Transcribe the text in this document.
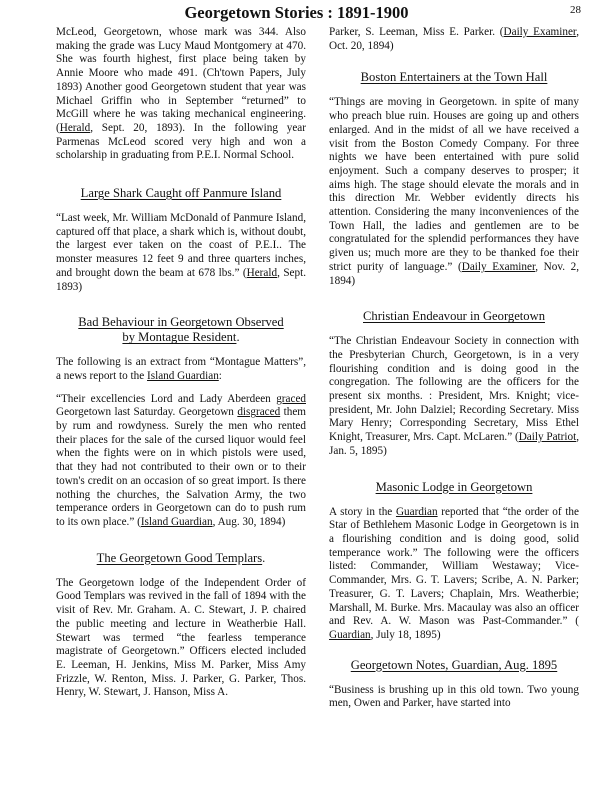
Georgetown Stories : 1891-1900	28

McLeod, Georgetown, whose mark was 344. Also making the grade was Lucy Maud Montgomery at 470. She was fourth highest, first place being taken by Annie Moore who made 491. (Ch'town Papers, July 1893) Another good Georgetown student that year was Michael Griffin who in September “returned” to McGill where he was taking mechanical engineering. (Herald, Sept. 20, 1893). In the following year Parmenas McLeod scored very high and won a scholarship in graduating from P.E.I. Normal School.

Large Shark Caught off Panmure Island

“Last week, Mr. William McDonald of Panmure Island, captured off that place, a shark which is, without doubt, the largest ever taken on the coast of P.E.I.. The monster measures 12 feet 9 and three quarters inches, and brought down the beam at 678 lbs.” (Herald, Sept. 1893)

Bad Behaviour in Georgetown Observed
by Montague Resident.

The following is an extract from “Montague Matters”, a news report to the Island Guardian:

“Their excellencies Lord and Lady Aberdeen graced Georgetown last Saturday. Georgetown disgraced them by rum and rowdyness. Surely the men who rented their places for the sale of the cursed liquor would feel when the fights were on in which pistols were used, that they had not contributed to their own or to their town's credit on an occasion of so great import. Is there nothing the churches, the Salvation Army, the two temperance orders in Georgetown can do to push rum to its own place.” (Island Guardian, Aug. 30, 1894)

The Georgetown Good Templars.

The Georgetown lodge of the Independent Order of Good Templars was revived in the fall of 1894 with the visit of Rev. Mr. Graham. A. C. Stewart, J. P. chaired the public meeting and lecture in Weatherbie Hall. Stewart was termed “the fearless temperance magistrate of Georgetown.” Officers elected included E. Leeman, H. Jenkins, Miss M. Parker, Miss Amy Frizzle, W. Renton, Miss. J. Parker, G. Parker, Thos. Henry, W. Stewart, J. Hanson, Miss A.

Parker, S. Leeman, Miss E. Parker. (Daily Examiner, Oct. 20, 1894)

Boston Entertainers at the Town Hall

“Things are moving in Georgetown. in spite of many who preach blue ruin. Houses are going up and others enlarged. And in the midst of all we have received a visit from the Boston Comedy Company. For three nights we have been entertained with pure solid enjoyment. Such a company deserves to prosper; it aims high. The stage should elevate the morals and in this direction Mr. Webber evidently directs his attention. Considering the many inconveniences of the Town Hall, the ladies and gentlemen are to be congratulated for the splendid performances they have given us; much more are they to be thanked foe their strict purity of language.” (Daily Examiner, Nov. 2, 1894)

Christian Endeavour in Georgetown

“The Christian Endeavour Society in connection with the Presbyterian Church, Georgetown, is in a very flourishing condition and is doing good in the congregation. The following are the officers for the present six months. : President, Mrs. Knight; vice-president, Mr. John Dalziel; Recording Secretary. Miss Mary Henry; Corresponding Secretary, Miss Ethel Knight, Treasurer, Mrs. Capt. McLaren.” (Daily Patriot, Jan. 5, 1895)

Masonic Lodge in Georgetown

A story in the Guardian reported that “the order of the Star of Bethlehem Masonic Lodge in Georgetown is in a flourishing condition and is doing good, solid temperance work.” The following were the officers listed: Commander, William Westaway; Vice-Commander, Mrs. G. T. Lavers; Scribe, A. N. Parker; Treasurer, G. T. Lavers; Chaplain, Mrs. Weatherbie; Marshall, M. Burke. Mrs. Macaulay was also an officer and Rev. A. W. Mason was Past-Commander.” ( Guardian, July 18, 1895)

Georgetown Notes, Guardian, Aug. 1895

“Business is brushing up in this old town. Two young men, Owen and Parker, have started into
